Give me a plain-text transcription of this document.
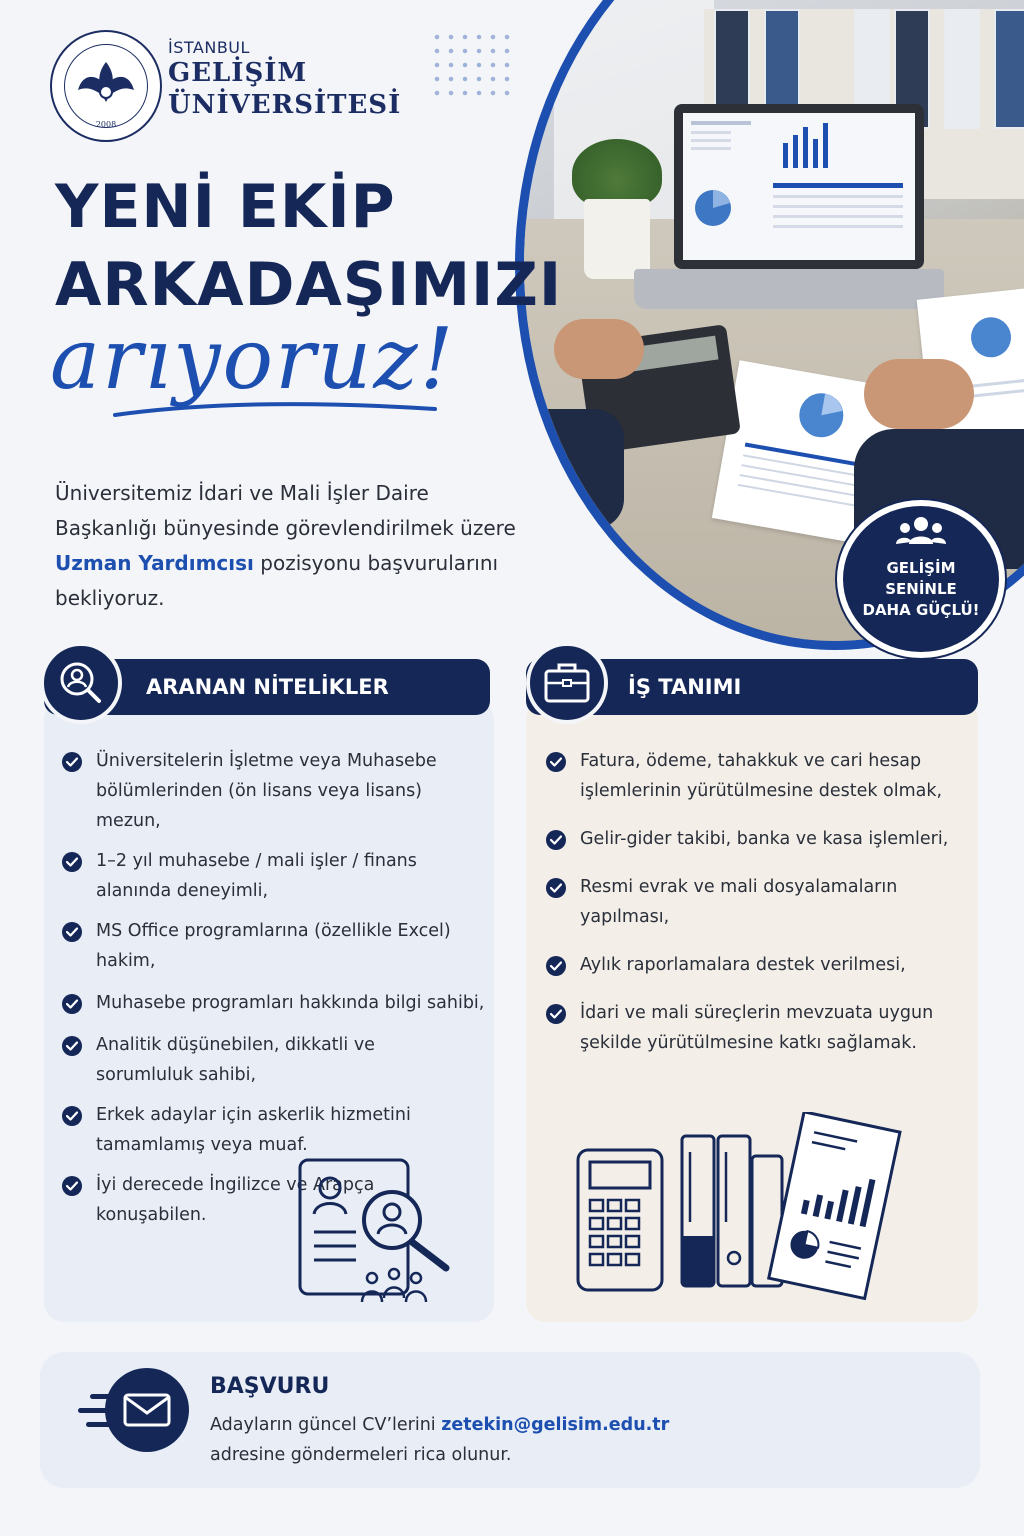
2008
İSTANBUL
GELİŞİM
ÜNİVERSİTESİ
YENİ EKİP
ARKADAŞIMIZI
arıyoruz!
Üniversitemiz İdari ve Mali İşler Daire
Başkanlığı bünyesinde görevlendirilmek üzere
Uzman Yardımcısı pozisyonu başvurularını
bekliyoruz.
GELİŞİM
SENİNLE
DAHA GÜÇLÜ!
ARANAN NİTELİKLER
Üniversitelerin İşletme veya Muhasebe
bölümlerinden (ön lisans veya lisans) mezun,
1–2 yıl muhasebe / mali işler / finans
alanında deneyimli,
MS Office programlarına (özellikle Excel) hakim,
Muhasebe programları hakkında bilgi sahibi,
Analitik düşünebilen, dikkatli ve
sorumluluk sahibi,
Erkek adaylar için askerlik hizmetini
tamamlamış veya muaf.
İyi derecede İngilizce ve Arapça
konuşabilen.
İŞ TANIMI
Fatura, ödeme, tahakkuk ve cari hesap
işlemlerinin yürütülmesine destek olmak,
Gelir-gider takibi, banka ve kasa işlemleri,
Resmi evrak ve mali dosyalamaların
yapılması,
Aylık raporlamalara destek verilmesi,
İdari ve mali süreçlerin mevzuata uygun
şekilde yürütülmesine katkı sağlamak.
BAŞVURU
Adayların güncel CV’lerini zetekin@gelisim.edu.tr
adresine göndermeleri rica olunur.
